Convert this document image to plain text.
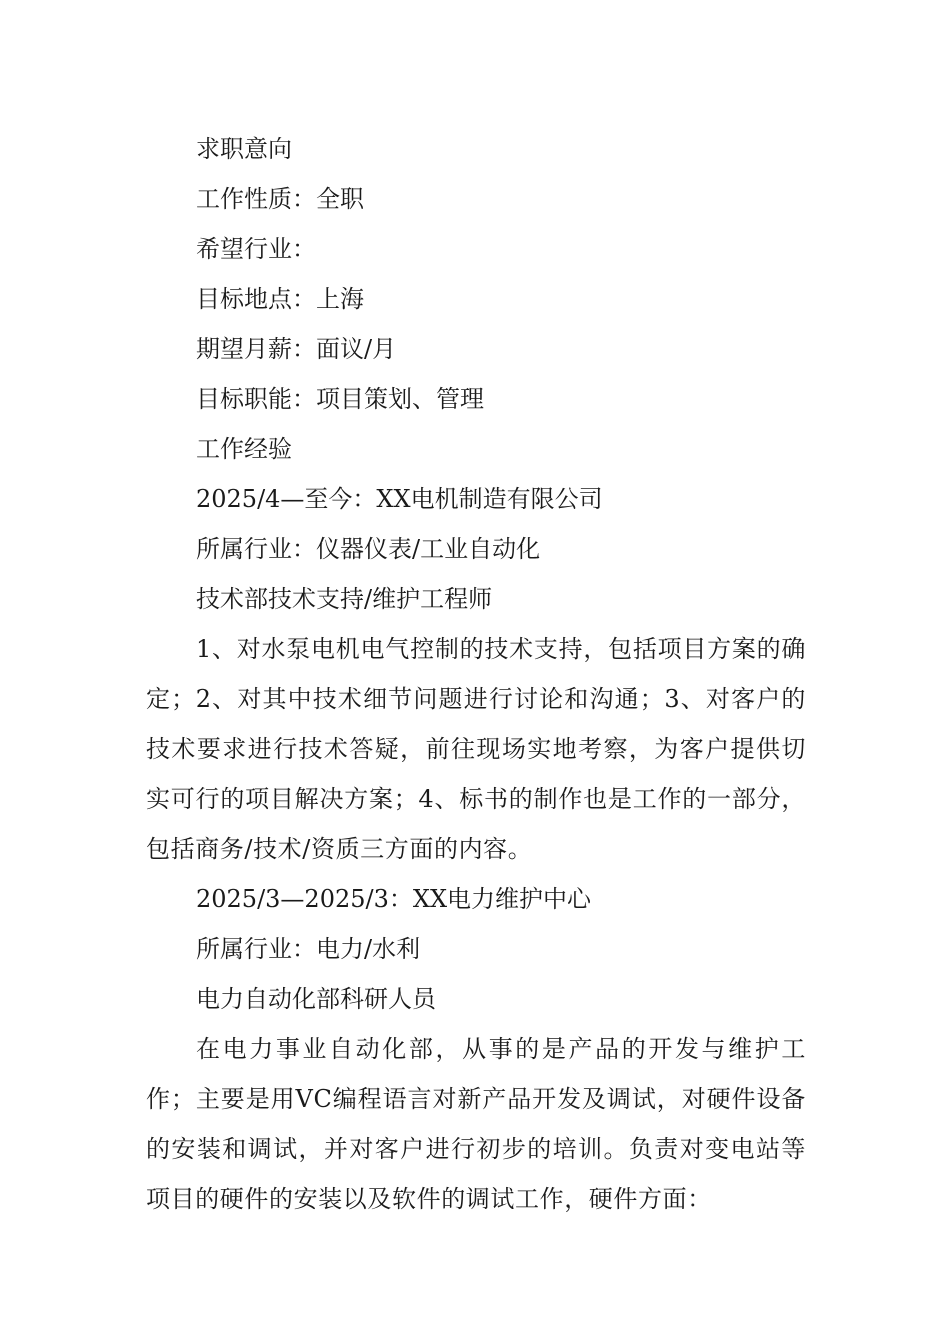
求职意向
工作性质：全职
希望行业：
目标地点：上海
期望月薪：面议/月
目标职能：项目策划、管理
工作经验
2025/4—至今：XX电机制造有限公司
所属行业：仪器仪表/工业自动化
技术部技术支持/维护工程师

1、对水泵电机电气控制的技术支持，包括项目方案的确定；2、对其中技术细节问题进行讨论和沟通；3、对客户的技术要求进行技术答疑，前往现场实地考察，为客户提供切实可行的项目解决方案；4、标书的制作也是工作的一部分，包括商务/技术/资质三方面的内容。

2025/3—2025/3：XX电力维护中心
所属行业：电力/水利
电力自动化部科研人员

在电力事业自动化部，从事的是产品的开发与维护工作；主要是用VC编程语言对新产品开发及调试，对硬件设备的安装和调试，并对客户进行初步的培训。负责对变电站等项目的硬件的安装以及软件的调试工作，硬件方面：
